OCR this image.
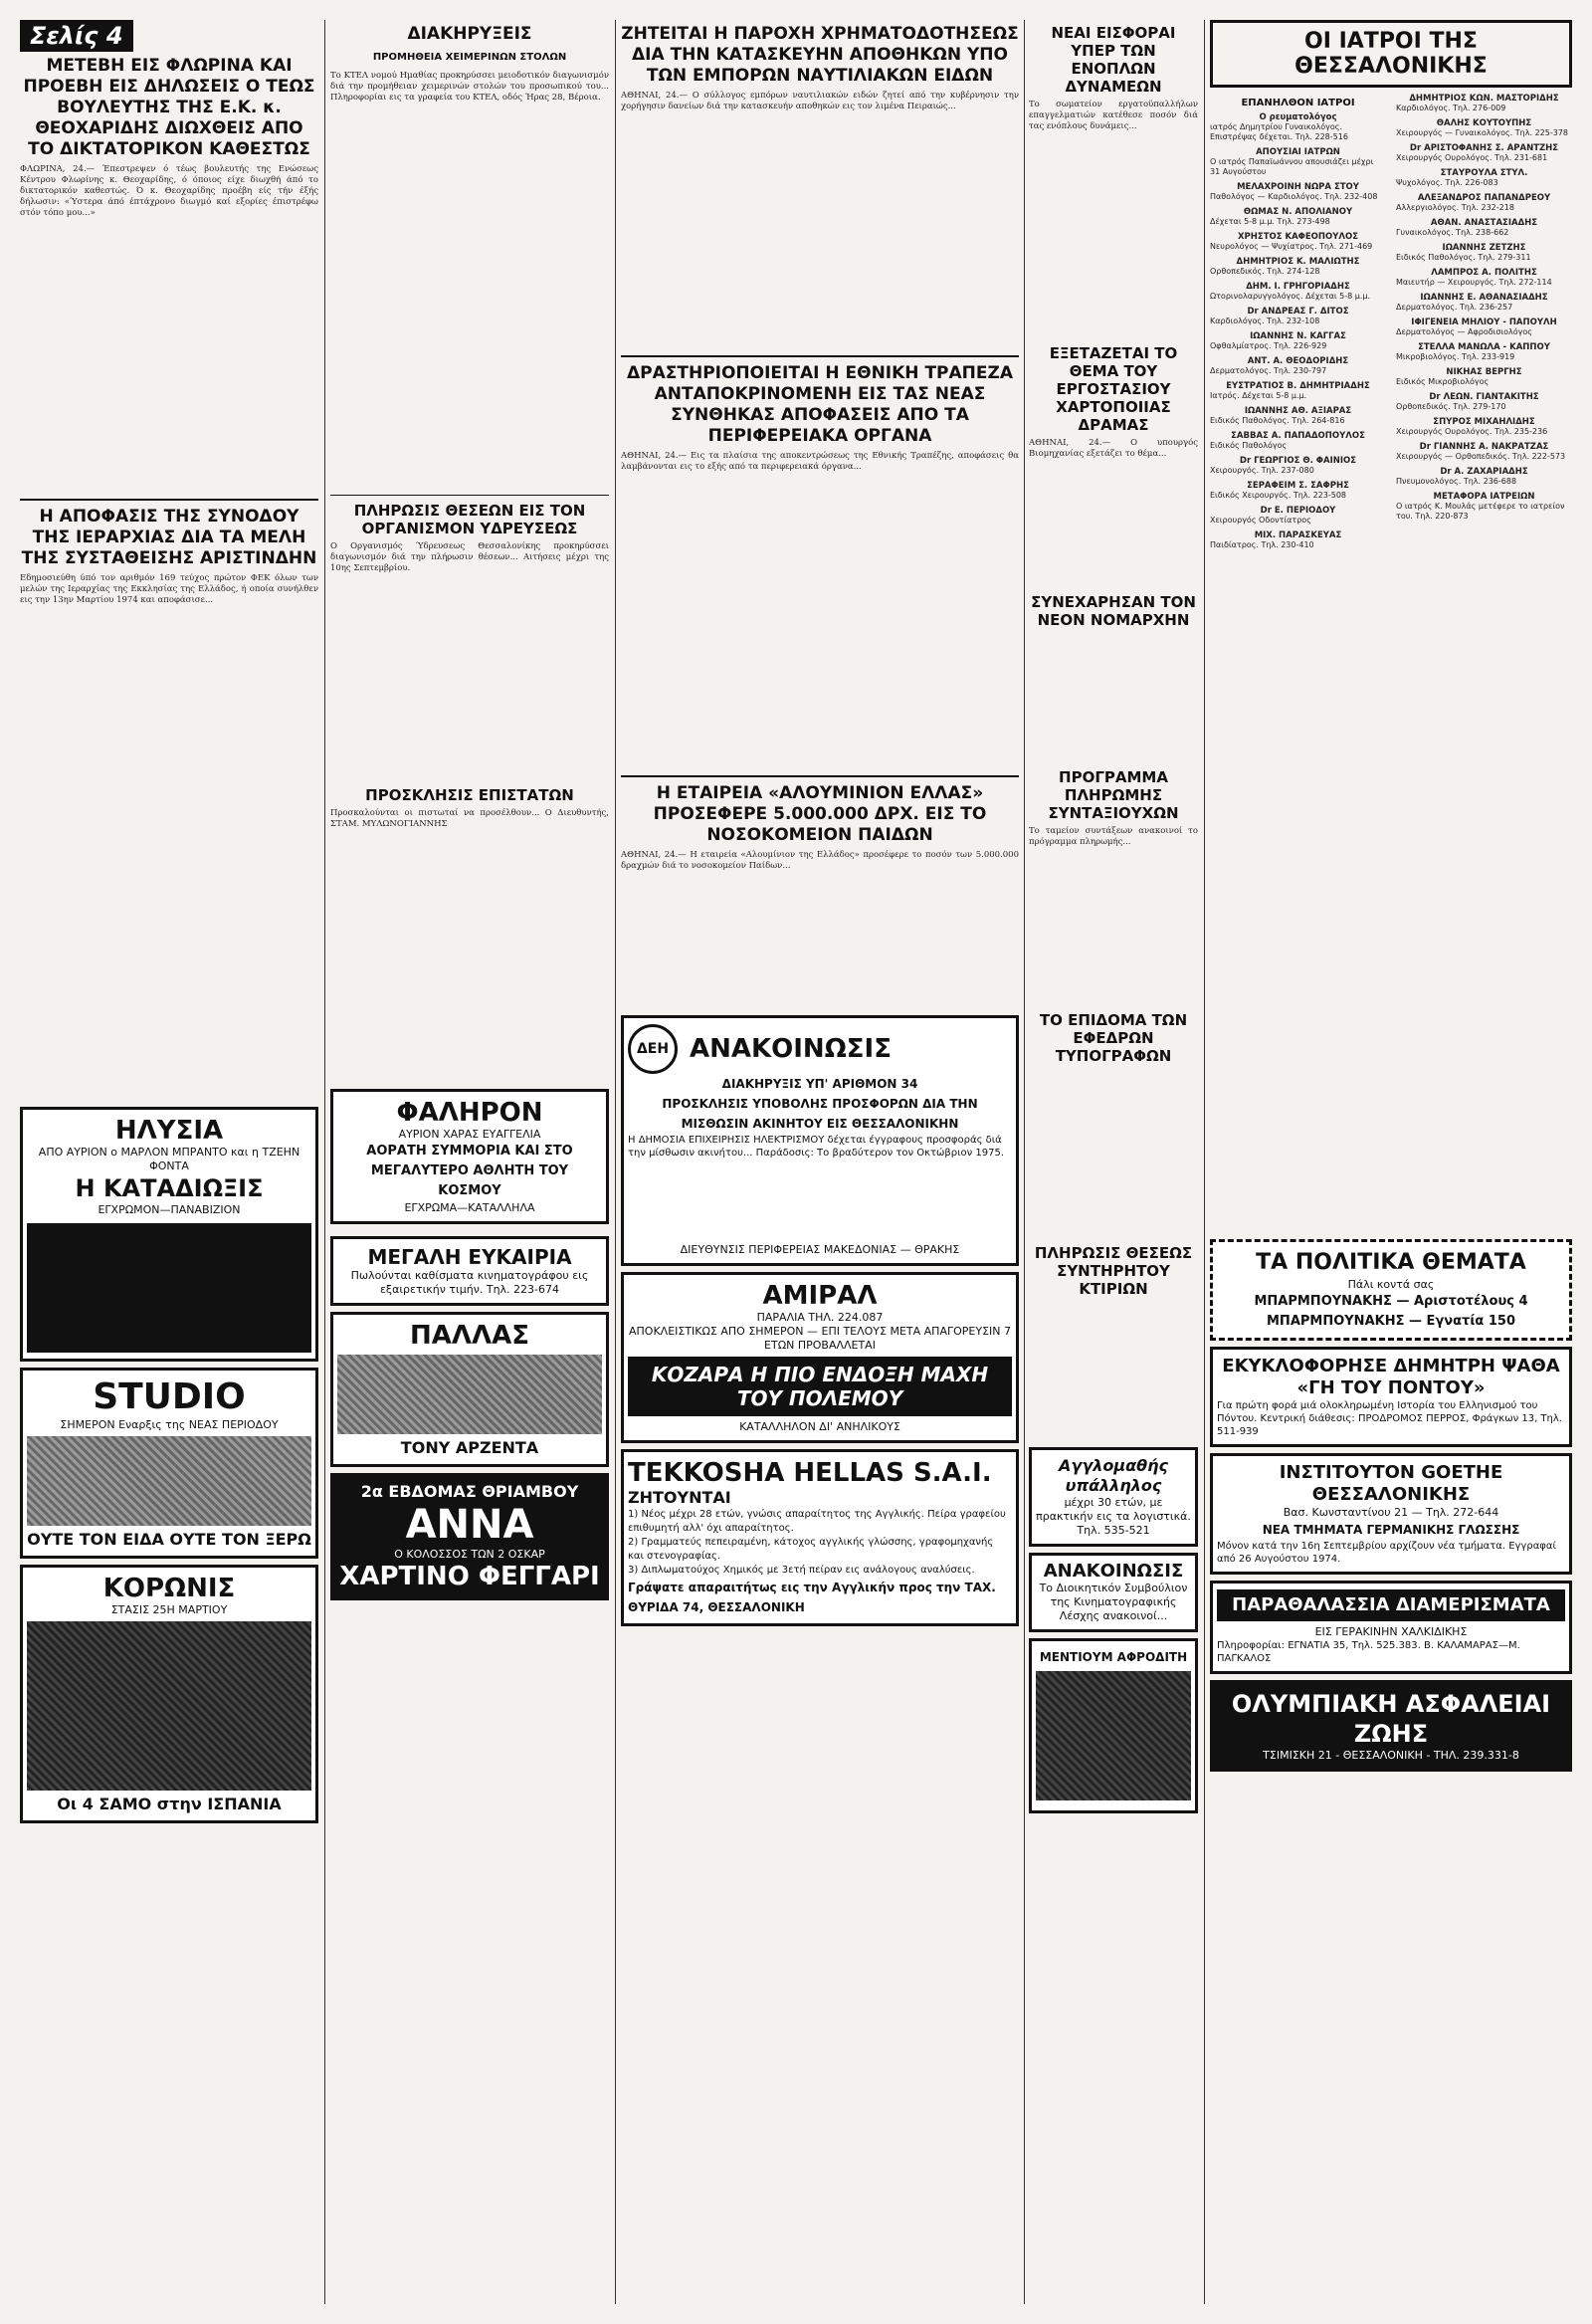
Σελίς 4
ΜΕΤΕΒΗ ΕΙΣ ΦΛΩΡΙΝΑ ΚΑΙ ΠΡΟΕΒΗ ΕΙΣ ΔΗΛΩΣΕΙΣ Ο ΤΕΩΣ ΒΟΥΛΕΥΤΗΣ ΤΗΣ Ε.Κ. κ. ΘΕΟΧΑΡΙΔΗΣ ΔΙΩΧΘΕΙΣ ΑΠΟ ΤΟ ΔΙΚΤΑΤΟΡΙΚΟΝ ΚΑΘΕΣΤΩΣ
ΦΛΩΡΙΝΑ, 24.— Έπεστρεψεν ό τέως βουλευτής της Ενώσεως Κέντρου Φλωρίνης κ. Θεοχαρίδης, ό όποιος είχε διωχθή άπό το δικτατορικόν καθεστώς. Ό κ. Θεοχαρίδης προέβη είς τήν έξής δήλωσιν: «Ύστερα άπό έπτάχρονο διωγμό καί εξορίες έπιστρέφω στόν τόπο μου...»
Η ΑΠΟΦΑΣΙΣ ΤΗΣ ΣΥΝΟΔΟΥ ΤΗΣ ΙΕΡΑΡΧΙΑΣ ΔΙΑ ΤΑ ΜΕΛΗ ΤΗΣ ΣΥΣΤΑΘΕΙΣΗΣ ΑΡΙΣΤΙΝΔΗΝ
Εδημοσιεύθη ύπό τον αριθμόν 169 τεύχος πρώτον ΦΕΚ όλων των μελών της Ιεραρχίας της Εκκλησίας της Ελλάδος, ή οποία συνήλθεν εις την 13ην Μαρτίου 1974 και αποφάσισε...
ΗΛΥΣΙΑ
ΑΠΟ ΑΥΡΙΟΝ ο ΜΑΡΛΟΝ ΜΠΡΑΝΤΟ και η ΤΖΕΗΝ ΦΟΝΤΑ
Η ΚΑΤΑΔΙΩΞΙΣ
ΕΓΧΡΩΜΟΝ—ΠΑΝΑΒΙΖΙΟΝ
STUDIO
ΣΗΜΕΡΟΝ Εναρξις της ΝΕΑΣ ΠΕΡΙΟΔΟΥ
ΟΥΤΕ ΤΟΝ ΕΙΔΑ ΟΥΤΕ ΤΟΝ ΞΕΡΩ
ΚΟΡΩΝΙΣ
ΣΤΑΣΙΣ 25Η ΜΑΡΤΙΟΥ
Οι 4 ΣΑΜΟ στην ΙΣΠΑΝΙΑ
ΔΙΑΚΗΡΥΞΕΙΣ
ΠΡΟΜΗΘΕΙΑ ΧΕΙΜΕΡΙΝΩΝ ΣΤΟΛΩΝ
Το ΚΤΕΛ νομού Ημαθίας προκηρύσσει μειοδοτικόν διαγωνισμόν διά την προμήθειαν χειμερινών στολών του προσωπικού του... Πληροφορίαι εις τα γραφεία του ΚΤΕΛ, οδός Ήρας 28, Βέροια.
ΠΛΗΡΩΣΙΣ ΘΕΣΕΩΝ ΕΙΣ ΤΟΝ ΟΡΓΑΝΙΣΜΟΝ ΥΔΡΕΥΣΕΩΣ
Ο Οργανισμός Ύδρευσεως Θεσσαλονίκης προκηρύσσει διαγωνισμόν διά την πλήρωσιν θέσεων... Αιτήσεις μέχρι της 10ης Σεπτεμβρίου.
ΠΡΟΣΚΛΗΣΙΣ ΕΠΙΣΤΑΤΩΝ
Προσκαλούνται οι πιστωταί να προσέλθουν... Ο Διευθυντής, ΣΤΑΜ. ΜΥΛΩΝΟΓΙΑΝΝΗΣ
ΦΑΛΗΡΟΝ
ΑΥΡΙΟΝ ΧΑΡΑΣ ΕΥΑΓΓΕΛΙΑ
ΑΟΡΑΤΗ ΣΥΜΜΟΡΙΑ ΚΑΙ ΣΤΟ ΜΕΓΑΛΥΤΕΡΟ ΑΘΛΗΤΗ ΤΟΥ ΚΟΣΜΟΥ
ΕΓΧΡΩΜΑ—ΚΑΤΑΛΛΗΛΑ
ΜΕΓΑΛΗ ΕΥΚΑΙΡΙΑ
Πωλούνται καθίσματα κινηματογράφου εις εξαιρετικήν τιμήν. Τηλ. 223-674
ΠΑΛΛΑΣ
ΤΟΝΥ ΑΡΖΕΝΤΑ
2α ΕΒΔΟΜΑΣ ΘΡΙΑΜΒΟΥ
ΑΝΝΑ
Ο ΚΟΛΟΣΣΟΣ ΤΩΝ 2 ΟΣΚΑΡ
ΧΑΡΤΙΝΟ ΦΕΓΓΑΡΙ
ΖΗΤΕΙΤΑΙ Η ΠΑΡΟΧΗ ΧΡΗΜΑΤΟΔΟΤΗΣΕΩΣ ΔΙΑ ΤΗΝ ΚΑΤΑΣΚΕΥΗΝ ΑΠΟΘΗΚΩΝ ΥΠΟ ΤΩΝ ΕΜΠΟΡΩΝ ΝΑΥΤΙΛΙΑΚΩΝ ΕΙΔΩΝ
ΑΘΗΝΑΙ, 24.— Ο σύλλογος εμπόρων ναυτιλιακών ειδών ζητεί από την κυβέρνησιν την χορήγησιν δανείων διά την κατασκευήν αποθηκών εις τον λιμένα Πειραιώς...
ΔΡΑΣΤΗΡΙΟΠΟΙΕΙΤΑΙ Η ΕΘΝΙΚΗ ΤΡΑΠΕΖΑ ΑΝΤΑΠΟΚΡΙΝΟΜΕΝΗ ΕΙΣ ΤΑΣ ΝΕΑΣ ΣΥΝΘΗΚΑΣ ΑΠΟΦΑΣΕΙΣ ΑΠΟ ΤΑ ΠΕΡΙΦΕΡΕΙΑΚΑ ΟΡΓΑΝΑ
ΑΘΗΝΑΙ, 24.— Εις τα πλαίσια της αποκεντρώσεως της Εθνικής Τραπέζης, αποφάσεις θα λαμβάνονται εις το εξής από τα περιφερειακά όργανα...
Η ΕΤΑΙΡΕΙΑ «ΑΛΟΥΜΙΝΙΟΝ ΕΛΛΑΣ» ΠΡΟΣΕΦΕΡΕ 5.000.000 ΔΡΧ. ΕΙΣ ΤΟ ΝΟΣΟΚΟΜΕΙΟΝ ΠΑΙΔΩΝ
ΑΘΗΝΑΙ, 24.— Η εταιρεία «Αλουμίνιον της Ελλάδος» προσέφερε το ποσόν των 5.000.000 δραχμών διά το νοσοκομείον Παίδων...
ΔΕΗ ΑΝΑΚΟΙΝΩΣΙΣ
ΔΙΑΚΗΡΥΞΙΣ ΥΠ' ΑΡΙΘΜΟΝ 34
ΠΡΟΣΚΛΗΣΙΣ ΥΠΟΒΟΛΗΣ ΠΡΟΣΦΟΡΩΝ ΔΙΑ ΤΗΝ ΜΙΣΘΩΣΙΝ ΑΚΙΝΗΤΟΥ ΕΙΣ ΘΕΣΣΑΛΟΝΙΚΗΝ
Η ΔΗΜΟΣΙΑ ΕΠΙΧΕΙΡΗΣΙΣ ΗΛΕΚΤΡΙΣΜΟΥ δέχεται έγγραφους προσφοράς διά την μίσθωσιν ακινήτου... Παράδοσις: Το βραδύτερον τον Οκτώβριον 1975.
ΔΙΕΥΘΥΝΣΙΣ ΠΕΡΙΦΕΡΕΙΑΣ ΜΑΚΕΔΟΝΙΑΣ — ΘΡΑΚΗΣ
ΑΜΙΡΑΛ
ΠΑΡΑΛΙΑ ΤΗΛ. 224.087
ΑΠΟΚΛΕΙΣΤΙΚΩΣ ΑΠΟ ΣΗΜΕΡΟΝ — ΕΠΙ ΤΕΛΟΥΣ ΜΕΤΑ ΑΠΑΓΟΡΕΥΣΙΝ 7 ΕΤΩΝ ΠΡΟΒΑΛΛΕΤΑΙ
ΚΟΖΑΡΑ Η ΠΙΟ ΕΝΔΟΞΗ ΜΑΧΗ ΤΟΥ ΠΟΛΕΜΟΥ
ΚΑΤΑΛΛΗΛΟΝ ΔΙ' ΑΝΗΛΙΚΟΥΣ
TEKKOSHA HELLAS S.A.I.
ΖΗΤΟΥΝΤΑΙ
1) Νέος μέχρι 28 ετών, γνώσις απαραίτητος της Αγγλικής. Πείρα γραφείου επιθυμητή αλλ' όχι απαραίτητος.
2) Γραμματεύς πεπειραμένη, κάτοχος αγγλικής γλώσσης, γραφομηχανής και στενογραφίας.
3) Διπλωματούχος Χημικός με 3ετή πείραν εις ανάλογους αναλύσεις.
Γράψατε απαραιτήτως εις την Αγγλικήν προς την ΤΑΧ. ΘΥΡΙΔΑ 74, ΘΕΣΣΑΛΟΝΙΚΗ
ΝΕΑΙ ΕΙΣΦΟΡΑΙ ΥΠΕΡ ΤΩΝ ΕΝΟΠΛΩΝ ΔΥΝΑΜΕΩΝ
Το σωματείον εργατοϋπαλλήλων επαγγελματιών κατέθεσε ποσόν διά τας ενόπλους δυνάμεις...
ΕΞΕΤΑΖΕΤΑΙ ΤΟ ΘΕΜΑ ΤΟΥ ΕΡΓΟΣΤΑΣΙΟΥ ΧΑΡΤΟΠΟΙΙΑΣ ΔΡΑΜΑΣ
ΑΘΗΝΑΙ, 24.— Ο υπουργός Βιομηχανίας εξετάζει το θέμα...
ΣΥΝΕΧΑΡΗΣΑΝ ΤΟΝ ΝΕΟΝ ΝΟΜΑΡΧΗΝ
ΠΡΟΓΡΑΜΜΑ ΠΛΗΡΩΜΗΣ ΣΥΝΤΑΞΙΟΥΧΩΝ
Το ταμείον συντάξεων ανακοινοί το πρόγραμμα πληρωμής...
ΤΟ ΕΠΙΔΟΜΑ ΤΩΝ ΕΦΕΔΡΩΝ ΤΥΠΟΓΡΑΦΩΝ
ΠΛΗΡΩΣΙΣ ΘΕΣΕΩΣ ΣΥΝΤΗΡΗΤΟΥ ΚΤΙΡΙΩΝ
Αγγλομαθής υπάλληλος
μέχρι 30 ετών, με πρακτικήν εις τα λογιστικά. Τηλ. 535-521
ΑΝΑΚΟΙΝΩΣΙΣ
Το Διοικητικόν Συμβούλιον της Κινηματογραφικής Λέσχης ανακοινοί...
ΜΕΝΤΙΟΥΜ ΑΦΡΟΔΙΤΗ
ΟΙ ΙΑΤΡΟΙ ΤΗΣ ΘΕΣΣΑΛΟΝΙΚΗΣ
ΕΠΑΝΗΛΘΟΝ ΙΑΤΡΟΙ
Ο ρευματολόγος
ιατρός Δημητρίου Γυναικολόγος. Επιστρέψας δέχεται. Τηλ. 228-516
ΑΠΟΥΣΙΑΙ ΙΑΤΡΩΝ
Ο ιατρός Παπαϊωάννου απουσιάζει μέχρι 31 Αυγούστου
ΜΕΛΑΧΡΟΙΝΗ ΝΩΡΑ ΣΤΟΥ
Παθολόγος — Καρδιολόγος. Τηλ. 232-408
ΘΩΜΑΣ Ν. ΑΠΟΛΙΑΝΟΥ
Δέχεται 5-8 μ.μ. Τηλ. 273-498
ΧΡΗΣΤΟΣ ΚΑΦΕΟΠΟΥΛΟΣ
Νευρολόγος — Ψυχίατρος. Τηλ. 271-469
ΔΗΜΗΤΡΙΟΣ Κ. ΜΑΛΙΩΤΗΣ
Ορθοπεδικός. Τηλ. 274-128
ΔΗΜ. Ι. ΓΡΗΓΟΡΙΑΔΗΣ
Ωτορινολαρυγγολόγος. Δέχεται 5-8 μ.μ.
Dr ΑΝΔΡΕΑΣ Γ. ΔΙΤΟΣ
Καρδιολόγος. Τηλ. 232-108
ΙΩΑΝΝΗΣ Ν. ΚΑΓΓΑΣ
Οφθαλμίατρος. Τηλ. 226-929
ΑΝΤ. Α. ΘΕΟΔΟΡΙΔΗΣ
Δερματολόγος. Τηλ. 230-797
ΕΥΣΤΡΑΤΙΟΣ Β. ΔΗΜΗΤΡΙΑΔΗΣ
Ιατρός. Δέχεται 5-8 μ.μ.
ΙΩΑΝΝΗΣ ΑΘ. ΑΞΙΑΡΑΣ
Ειδικός Παθολόγος. Τηλ. 264-816
ΣΑΒΒΑΣ Α. ΠΑΠΑΔΟΠΟΥΛΟΣ
Ειδικός Παθολόγος
Dr ΓΕΩΡΓΙΟΣ Θ. ΦΑΙΝΙΟΣ
Χειρουργός. Τηλ. 237-080
ΣΕΡΑΦΕΙΜ Σ. ΣΑΦΡΗΣ
Ειδικός Χειρουργός. Τηλ. 223-508
Dr Ε. ΠΕΡΙΟΔΟΥ
Χειρουργός Οδοντίατρος
ΜΙΧ. ΠΑΡΑΣΚΕΥΑΣ
Παιδίατρος. Τηλ. 230-410
ΔΗΜΗΤΡΙΟΣ ΚΩΝ. ΜΑΣΤΟΡΙΔΗΣ
Καρδιολόγος. Τηλ. 276-009
ΘΑΛΗΣ ΚΟΥΤΟΥΠΗΣ
Χειρουργός — Γυναικολόγος. Τηλ. 225-378
Dr ΑΡΙΣΤΟΦΑΝΗΣ Σ. ΑΡΑΝΤΖΗΣ
Χειρουργός Ουρολόγος. Τηλ. 231-681
ΣΤΑΥΡΟΥΛΑ ΣΤΥΛ.
Ψυχολόγος. Τηλ. 226-083
ΑΛΕΞΑΝΔΡΟΣ ΠΑΠΑΝΔΡΕΟΥ
Αλλεργιολόγος. Τηλ. 232-218
ΑΘΑΝ. ΑΝΑΣΤΑΣΙΑΔΗΣ
Γυναικολόγος. Τηλ. 238-662
ΙΩΑΝΝΗΣ ΖΕΤΖΗΣ
Ειδικός Παθολόγος. Τηλ. 279-311
ΛΑΜΠΡΟΣ Α. ΠΟΛΙΤΗΣ
Μαιευτήρ — Χειρουργός. Τηλ. 272-114
ΙΩΑΝΝΗΣ Ε. ΑΘΑΝΑΣΙΑΔΗΣ
Δερματολόγος. Τηλ. 236-257
ΙΦΙΓΕΝΕΙΑ ΜΗΛΙΟΥ - ΠΑΠΟΥΛΗ
Δερματολόγος — Αφροδισιολόγος
ΣΤΕΛΛΑ ΜΑΝΩΛΑ - ΚΑΠΠΟΥ
Μικροβιολόγος. Τηλ. 233-919
ΝΙΚΗΑΣ ΒΕΡΓΗΣ
Ειδικός Μικροβιολόγος
Dr ΛΕΩΝ. ΓΙΑΝΤΑΚΙΤΗΣ
Ορθοπεδικός. Τηλ. 279-170
ΣΠΥΡΟΣ ΜΙΧΑΗΛΙΔΗΣ
Χειρουργός Ουρολόγος. Τηλ. 235-236
Dr ΓΙΑΝΝΗΣ Α. ΝΑΚΡΑΤΖΑΣ
Χειρουργός — Ορθοπεδικός. Τηλ. 222-573
Dr Α. ΖΑΧΑΡΙΑΔΗΣ
Πνευμονολόγος. Τηλ. 236-688
ΜΕΤΑΦΟΡΑ ΙΑΤΡΕΙΩΝ
Ο ιατρός Κ. Μουλάς μετέφερε το ιατρείον του. Τηλ. 220-873
ΤΑ ΠΟΛΙΤΙΚΑ ΘΕΜΑΤΑ
Πάλι κοντά σας
ΜΠΑΡΜΠΟΥΝΑΚΗΣ — Αριστοτέλους 4
ΜΠΑΡΜΠΟΥΝΑΚΗΣ — Εγνατία 150
ΕΚΥΚΛΟΦΟΡΗΣΕ ΔΗΜΗΤΡΗ ΨΑΘΑ «ΓΗ ΤΟΥ ΠΟΝΤΟΥ»
Για πρώτη φορά μιά ολοκληρωμένη Ιστορία του Ελληνισμού του Πόντου. Κεντρική διάθεσις: ΠΡΟΔΡΟΜΟΣ ΠΕΡΡΟΣ, Φράγκων 13, Τηλ. 511-939
ΙΝΣΤΙΤΟΥΤΟΝ GOETHE ΘΕΣΣΑΛΟΝΙΚΗΣ
Βασ. Κωνσταντίνου 21 — Τηλ. 272-644
ΝΕΑ ΤΜΗΜΑΤΑ ΓΕΡΜΑΝΙΚΗΣ ΓΛΩΣΣΗΣ
Μόνον κατά την 16η Σεπτεμβρίου αρχίζουν νέα τμήματα. Εγγραφαί από 26 Αυγούστου 1974.
ΠΑΡΑΘΑΛΑΣΣΙΑ ΔΙΑΜΕΡΙΣΜΑΤΑ
ΕΙΣ ΓΕΡΑΚΙΝΗΝ ΧΑΛΚΙΔΙΚΗΣ
Πληροφορίαι: ΕΓΝΑΤΙΑ 35, Τηλ. 525.383. Β. ΚΑΛΑΜΑΡΑΣ—Μ. ΠΑΓΚΑΛΟΣ
ΟΛΥΜΠΙΑΚΗ ΑΣΦΑΛΕΙΑΙ ΖΩΗΣ
ΤΣΙΜΙΣΚΗ 21 - ΘΕΣΣΑΛΟΝΙΚΗ - ΤΗΛ. 239.331-8
